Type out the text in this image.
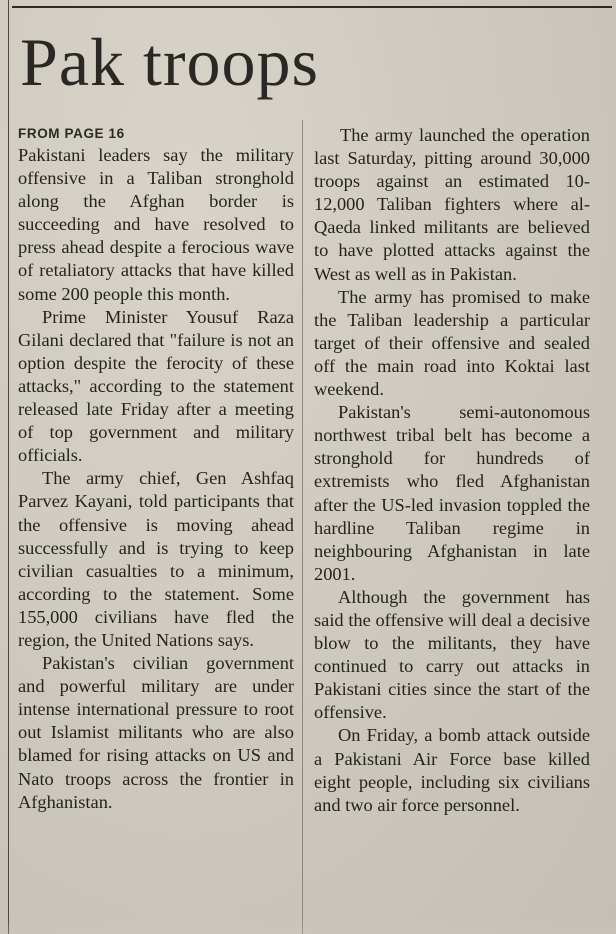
Pak troops
FROM PAGE 16

Pakistani leaders say the military offensive in a Taliban stronghold along the Afghan border is succeeding and have resolved to press ahead despite a ferocious wave of retaliatory attacks that have killed some 200 people this month.

Prime Minister Yousuf Raza Gilani declared that "failure is not an option despite the ferocity of these attacks," according to the statement released late Friday after a meeting of top government and military officials.

The army chief, Gen Ashfaq Parvez Kayani, told participants that the offensive is moving ahead successfully and is trying to keep civilian casualties to a minimum, according to the statement. Some 155,000 civilians have fled the region, the United Nations says.

Pakistan's civilian government and powerful military are under intense international pressure to root out Islamist militants who are also blamed for rising attacks on US and Nato troops across the frontier in Afghanistan.

The army launched the operation last Saturday, pitting around 30,000 troops against an estimated 10-12,000 Taliban fighters where al-Qaeda linked militants are believed to have plotted attacks against the West as well as in Pakistan.

The army has promised to make the Taliban leadership a particular target of their offensive and sealed off the main road into Koktai last weekend.

Pakistan's semi-autonomous northwest tribal belt has become a stronghold for hundreds of extremists who fled Afghanistan after the US-led invasion toppled the hardline Taliban regime in neighbouring Afghanistan in late 2001.

Although the government has said the offensive will deal a decisive blow to the militants, they have continued to carry out attacks in Pakistani cities since the start of the offensive.

On Friday, a bomb attack outside a Pakistani Air Force base killed eight people, including six civilians and two air force personnel.
